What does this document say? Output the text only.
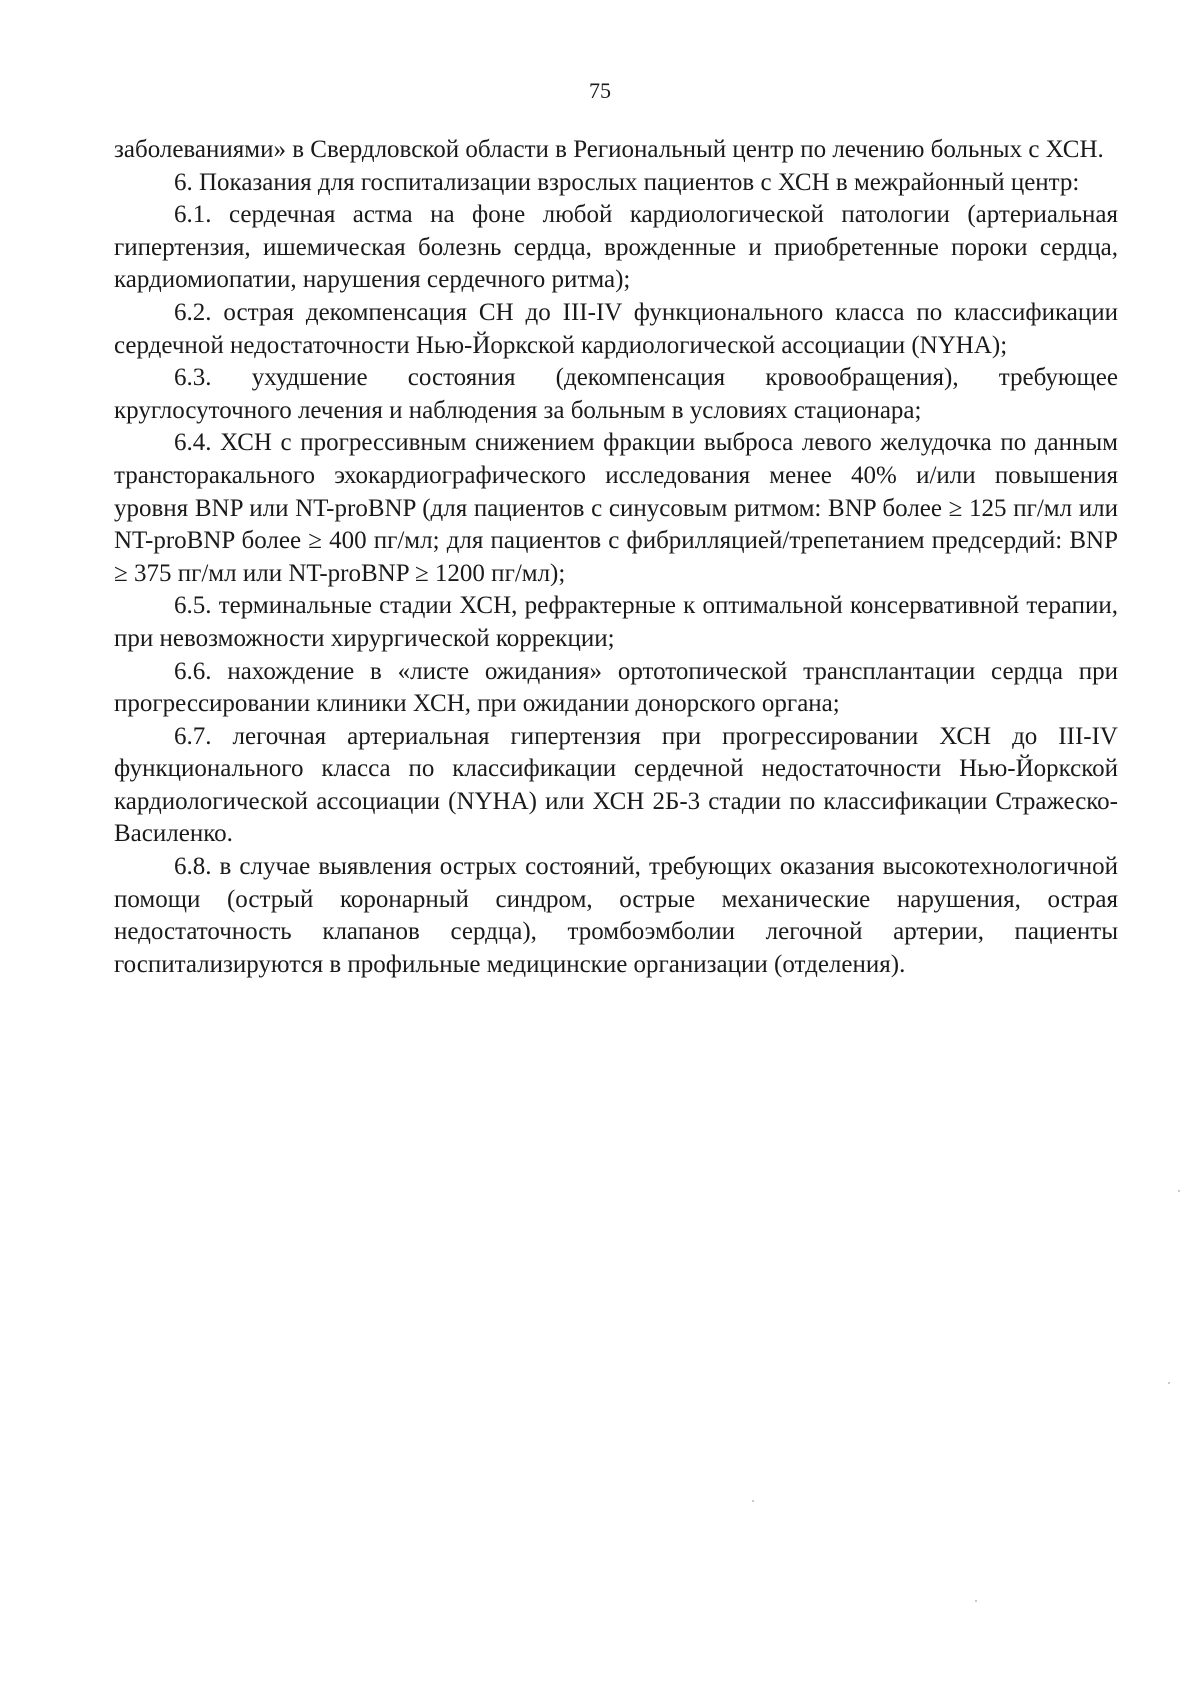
75

заболеваниями» в Свердловской области в Региональный центр по лечению больных с ХСН.

6. Показания для госпитализации взрослых пациентов с ХСН в межрайонный центр:

6.1. сердечная астма на фоне любой кардиологической патологии (артериальная гипертензия, ишемическая болезнь сердца, врожденные и приобретенные пороки сердца, кардиомиопатии, нарушения сердечного ритма);

6.2. острая декомпенсация СН до III-IV функционального класса по классификации сердечной недостаточности Нью-Йоркской кардиологической ассоциации (NYHA);

6.3. ухудшение состояния (декомпенсация кровообращения), требующее круглосуточного лечения и наблюдения за больным в условиях стационара;

6.4. ХСН с прогрессивным снижением фракции выброса левого желудочка по данным трансторакального эхокардиографического исследования менее 40% и/или повышения уровня BNP или NT-proBNP (для пациентов с синусовым ритмом: BNP более ≥ 125 пг/мл или NT-proBNP более ≥ 400 пг/мл; для пациентов с фибрилляцией/трепетанием предсердий: BNP ≥ 375 пг/мл или NT-proBNP ≥ 1200 пг/мл);

6.5. терминальные стадии ХСН, рефрактерные к оптимальной консервативной терапии, при невозможности хирургической коррекции;

6.6. нахождение в «листе ожидания» ортотопической трансплантации сердца при прогрессировании клиники ХСН, при ожидании донорского органа;

6.7. легочная артериальная гипертензия при прогрессировании ХСН до III-IV функционального класса по классификации сердечной недостаточности Нью-Йоркской кардиологической ассоциации (NYHA) или ХСН 2Б-3 стадии по классификации Стражеско-Василенко.

6.8. в случае выявления острых состояний, требующих оказания высокотехнологичной помощи (острый коронарный синдром, острые механические нарушения, острая недостаточность клапанов сердца), тромбоэмболии легочной артерии, пациенты госпитализируются в профильные медицинские организации (отделения).
